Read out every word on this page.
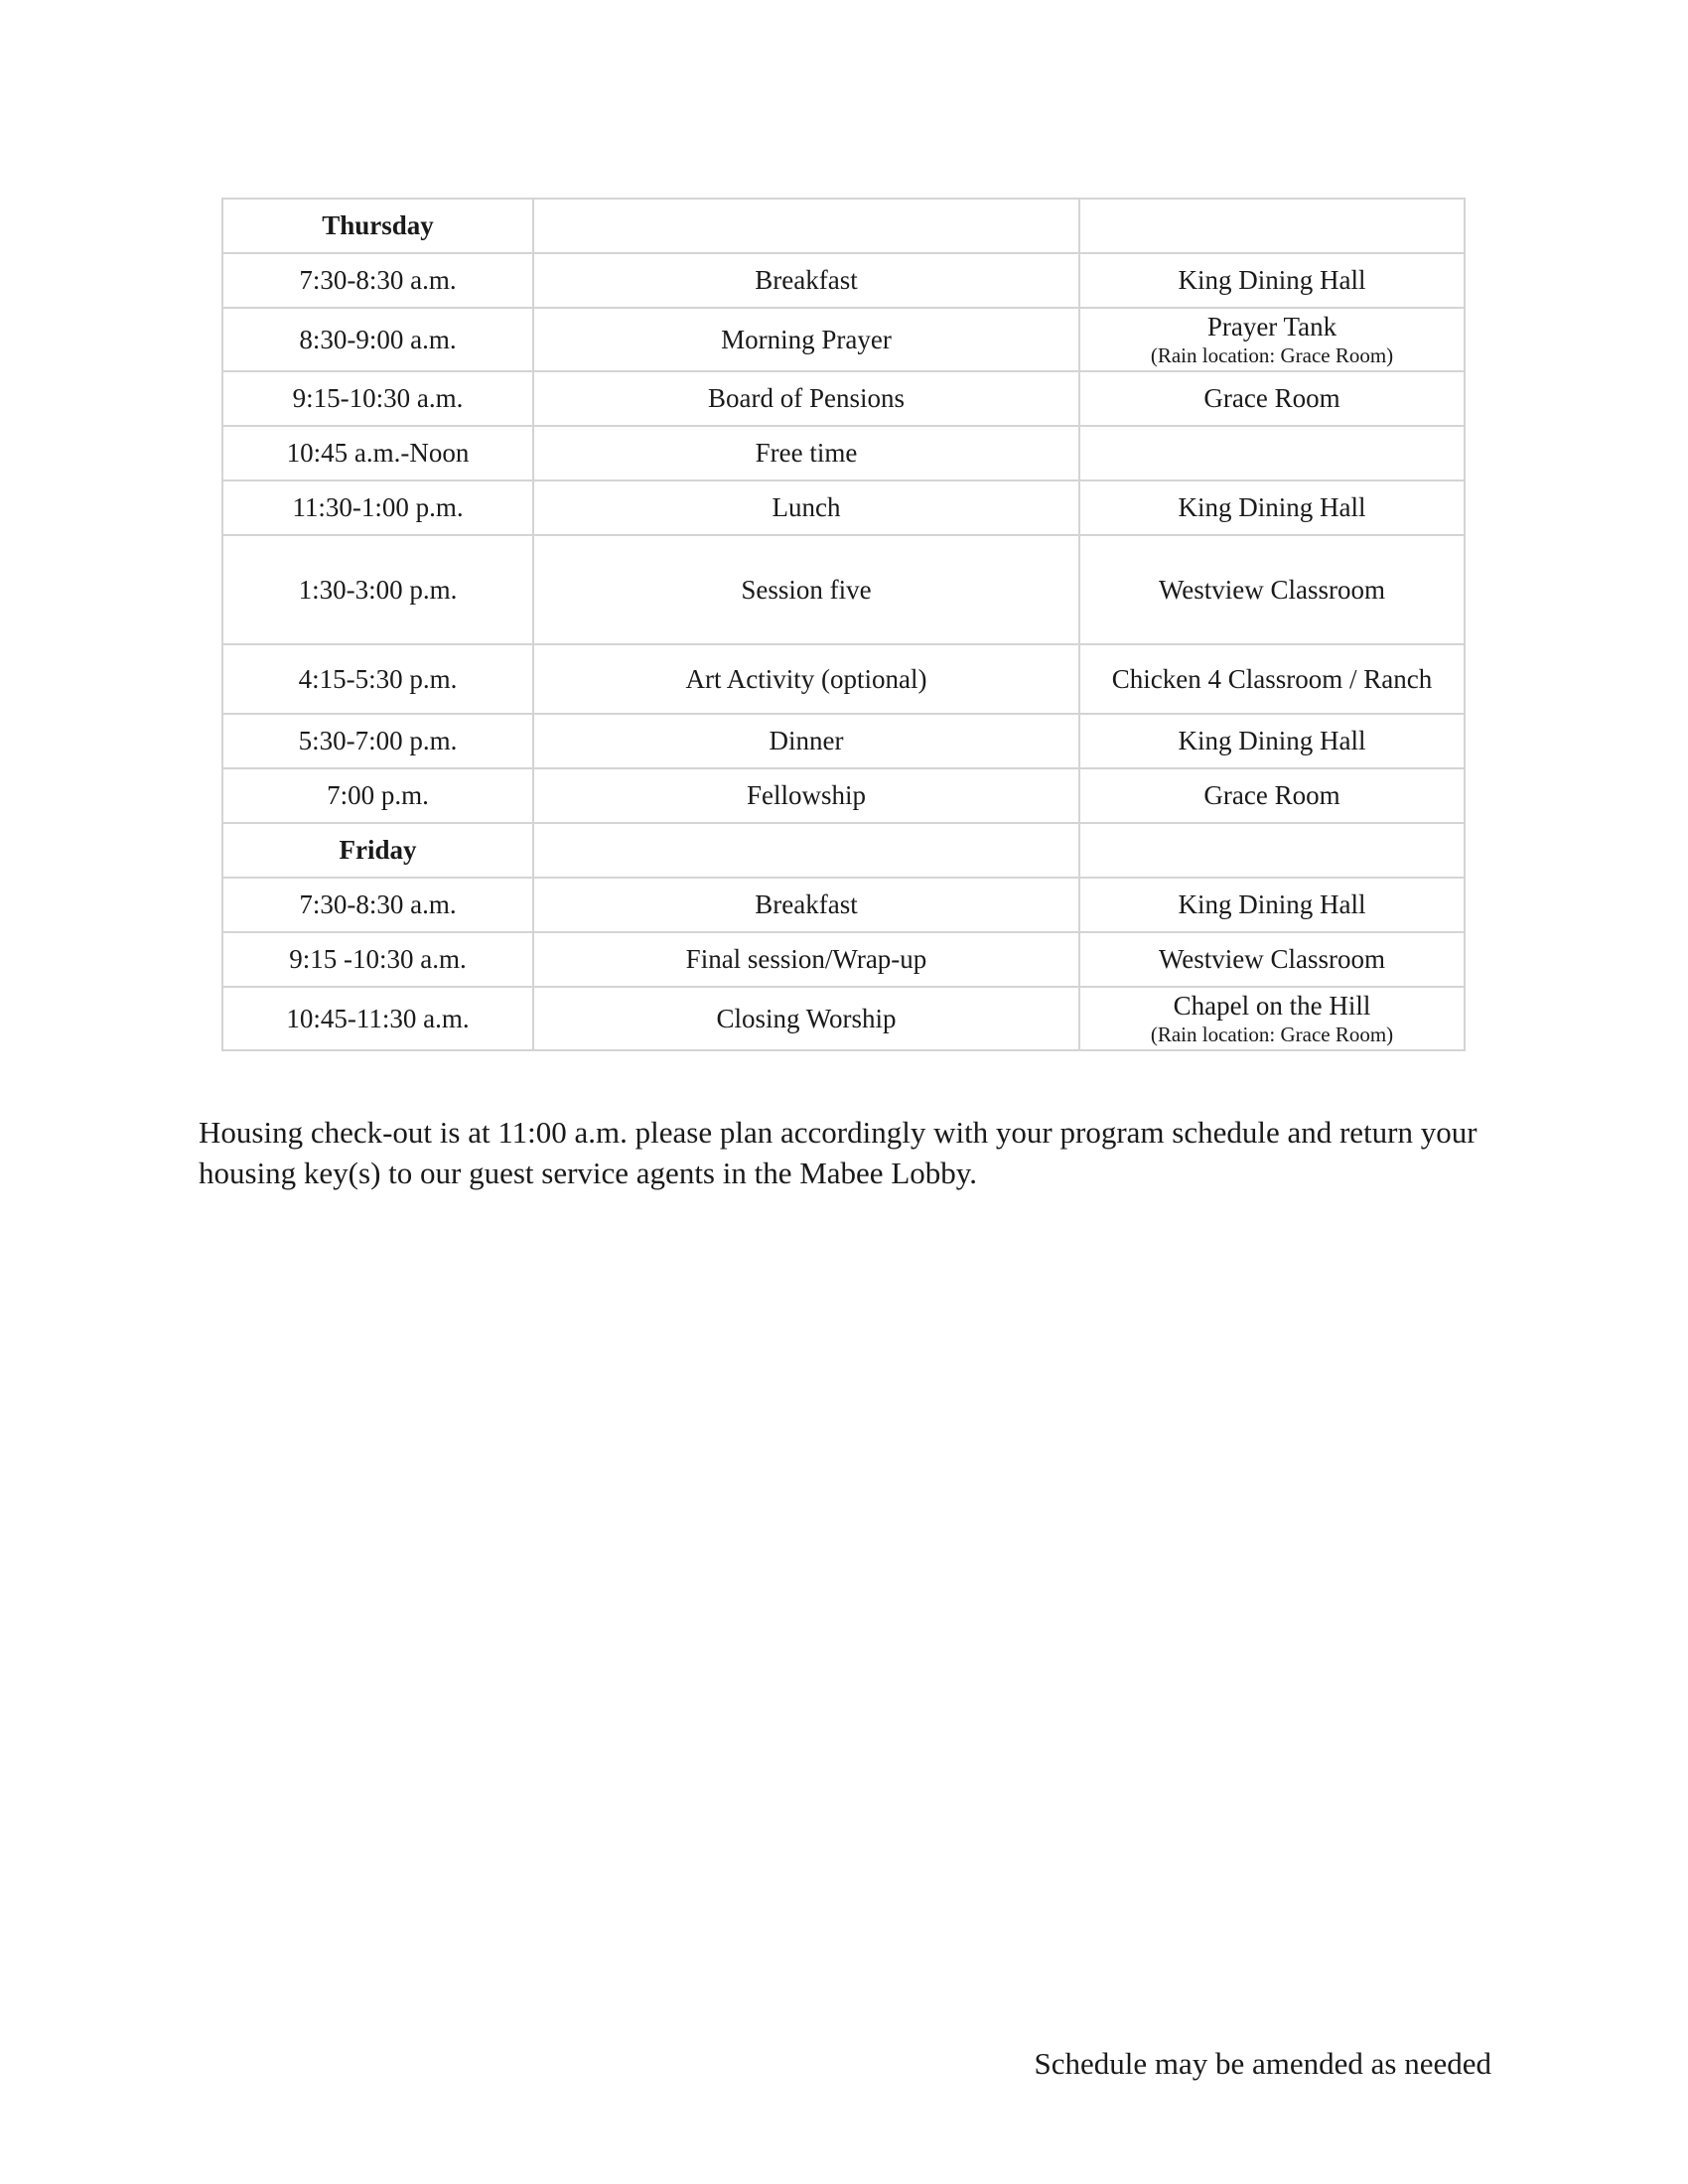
Thursday		
7:30-8:30 a.m.	Breakfast	King Dining Hall
8:30-9:00 a.m.	Morning Prayer	Prayer Tank
(Rain location: Grace Room)

9:15-10:30 a.m.	Board of Pensions	Grace Room
10:45 a.m.-Noon	Free time	
11:30-1:00 p.m.	Lunch	King Dining Hall
1:30-3:00 p.m.	Session five	Westview Classroom
4:15-5:30 p.m.	Art Activity (optional)	Chicken 4 Classroom / Ranch
5:30-7:00 p.m.	Dinner	King Dining Hall
7:00 p.m.	Fellowship	Grace Room
Friday		
7:30-8:30 a.m.	Breakfast	King Dining Hall
9:15 -10:30 a.m.	Final session/Wrap-up	Westview Classroom
10:45-11:30 a.m.	Closing Worship	Chapel on the Hill
(Rain location: Grace Room)

Housing check-out is at 11:00 a.m. please plan accordingly with your program schedule and return your housing key(s) to our guest service agents in the Mabee Lobby.

Schedule may be amended as needed
